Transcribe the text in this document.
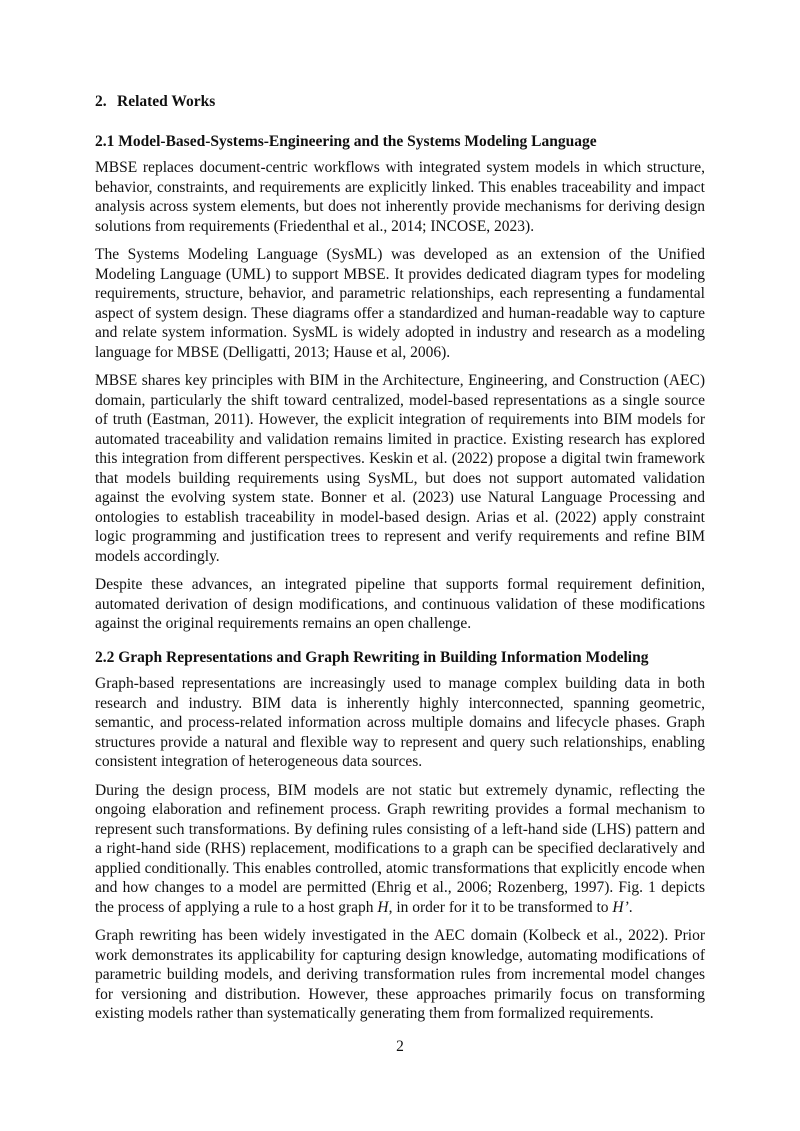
2. Related Works
2.1 Model-Based-Systems-Engineering and the Systems Modeling Language

MBSE replaces document-centric workflows with integrated system models in which structure, behavior, constraints, and requirements are explicitly linked. This enables traceability and impact analysis across system elements, but does not inherently provide mechanisms for deriving design solutions from requirements (Friedenthal et al., 2014; INCOSE, 2023).

The Systems Modeling Language (SysML) was developed as an extension of the Unified Modeling Language (UML) to support MBSE. It provides dedicated diagram types for modeling requirements, structure, behavior, and parametric relationships, each representing a fundamental aspect of system design. These diagrams offer a standardized and human-readable way to capture and relate system information. SysML is widely adopted in industry and research as a modeling language for MBSE (Delligatti, 2013; Hause et al, 2006).

MBSE shares key principles with BIM in the Architecture, Engineering, and Construction (AEC) domain, particularly the shift toward centralized, model-based representations as a single source of truth (Eastman, 2011). However, the explicit integration of requirements into BIM models for automated traceability and validation remains limited in practice. Existing research has explored this integration from different perspectives. Keskin et al. (2022) propose a digital twin framework that models building requirements using SysML, but does not support automated validation against the evolving system state. Bonner et al. (2023) use Natural Language Processing and ontologies to establish traceability in model-based design. Arias et al. (2022) apply constraint logic programming and justification trees to represent and verify requirements and refine BIM models accordingly.

Despite these advances, an integrated pipeline that supports formal requirement definition, automated derivation of design modifications, and continuous validation of these modifications against the original requirements remains an open challenge.

2.2 Graph Representations and Graph Rewriting in Building Information Modeling

Graph-based representations are increasingly used to manage complex building data in both research and industry. BIM data is inherently highly interconnected, spanning geometric, semantic, and process-related information across multiple domains and lifecycle phases. Graph structures provide a natural and flexible way to represent and query such relationships, enabling consistent integration of heterogeneous data sources.

During the design process, BIM models are not static but extremely dynamic, reflecting the ongoing elaboration and refinement process. Graph rewriting provides a formal mechanism to represent such transformations. By defining rules consisting of a left-hand side (LHS) pattern and a right-hand side (RHS) replacement, modifications to a graph can be specified declaratively and applied conditionally. This enables controlled, atomic transformations that explicitly encode when and how changes to a model are permitted (Ehrig et al., 2006; Rozenberg, 1997). Fig. 1 depicts the process of applying a rule to a host graph H, in order for it to be transformed to H’.

Graph rewriting has been widely investigated in the AEC domain (Kolbeck et al., 2022). Prior work demonstrates its applicability for capturing design knowledge, automating modifications of parametric building models, and deriving transformation rules from incremental model changes for versioning and distribution. However, these approaches primarily focus on transforming existing models rather than systematically generating them from formalized requirements.

2
